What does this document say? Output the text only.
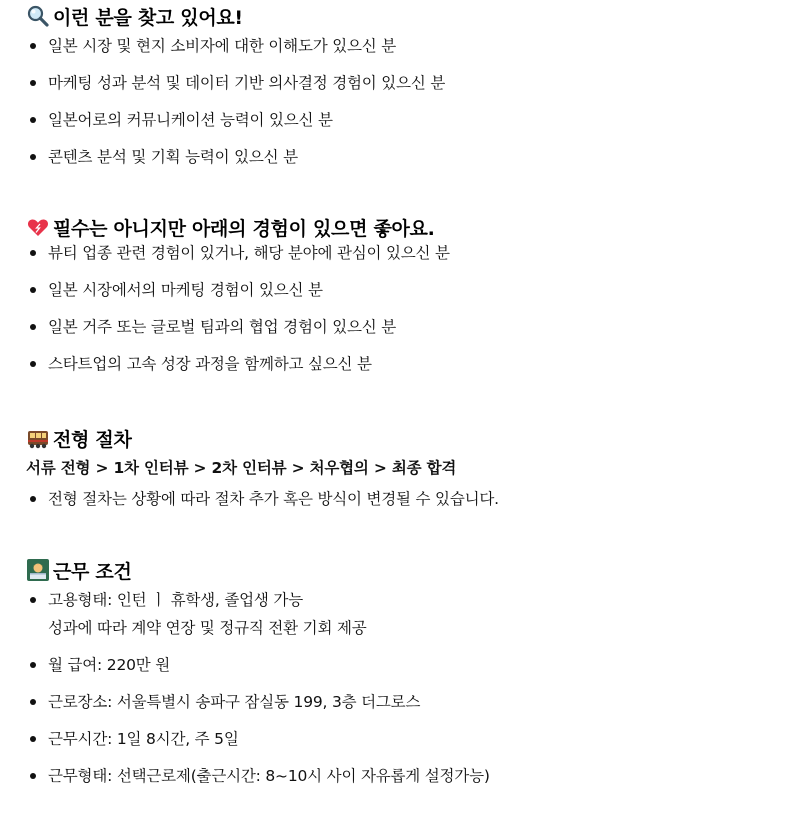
이런 분을 찾고 있어요!
일본 시장 및 현지 소비자에 대한 이해도가 있으신 분
마케팅 성과 분석 및 데이터 기반 의사결정 경험이 있으신 분
일본어로의 커뮤니케이션 능력이 있으신 분
콘텐츠 분석 및 기획 능력이 있으신 분
필수는 아니지만 아래의 경험이 있으면 좋아요.
뷰티 업종 관련 경험이 있거나, 해당 분야에 관심이 있으신 분
일본 시장에서의 마케팅 경험이 있으신 분
일본 거주 또는 글로벌 팀과의 협업 경험이 있으신 분
스타트업의 고속 성장 과정을 함께하고 싶으신 분
전형 절차
서류 전형 > 1차 인터뷰 > 2차 인터뷰 > 처우협의 > 최종 합격
전형 절차는 상황에 따라 절차 추가 혹은 방식이 변경될 수 있습니다.
근무 조건
고용형태: 인턴 ㅣ 휴학생, 졸업생 가능
성과에 따라 계약 연장 및 정규직 전환 기회 제공
월 급여: 220만 원
근로장소: 서울특별시 송파구 잠실동 199, 3층 더그로스
근무시간: 1일 8시간, 주 5일
근무형태: 선택근로제(출근시간: 8~10시 사이 자유롭게 설정가능)
